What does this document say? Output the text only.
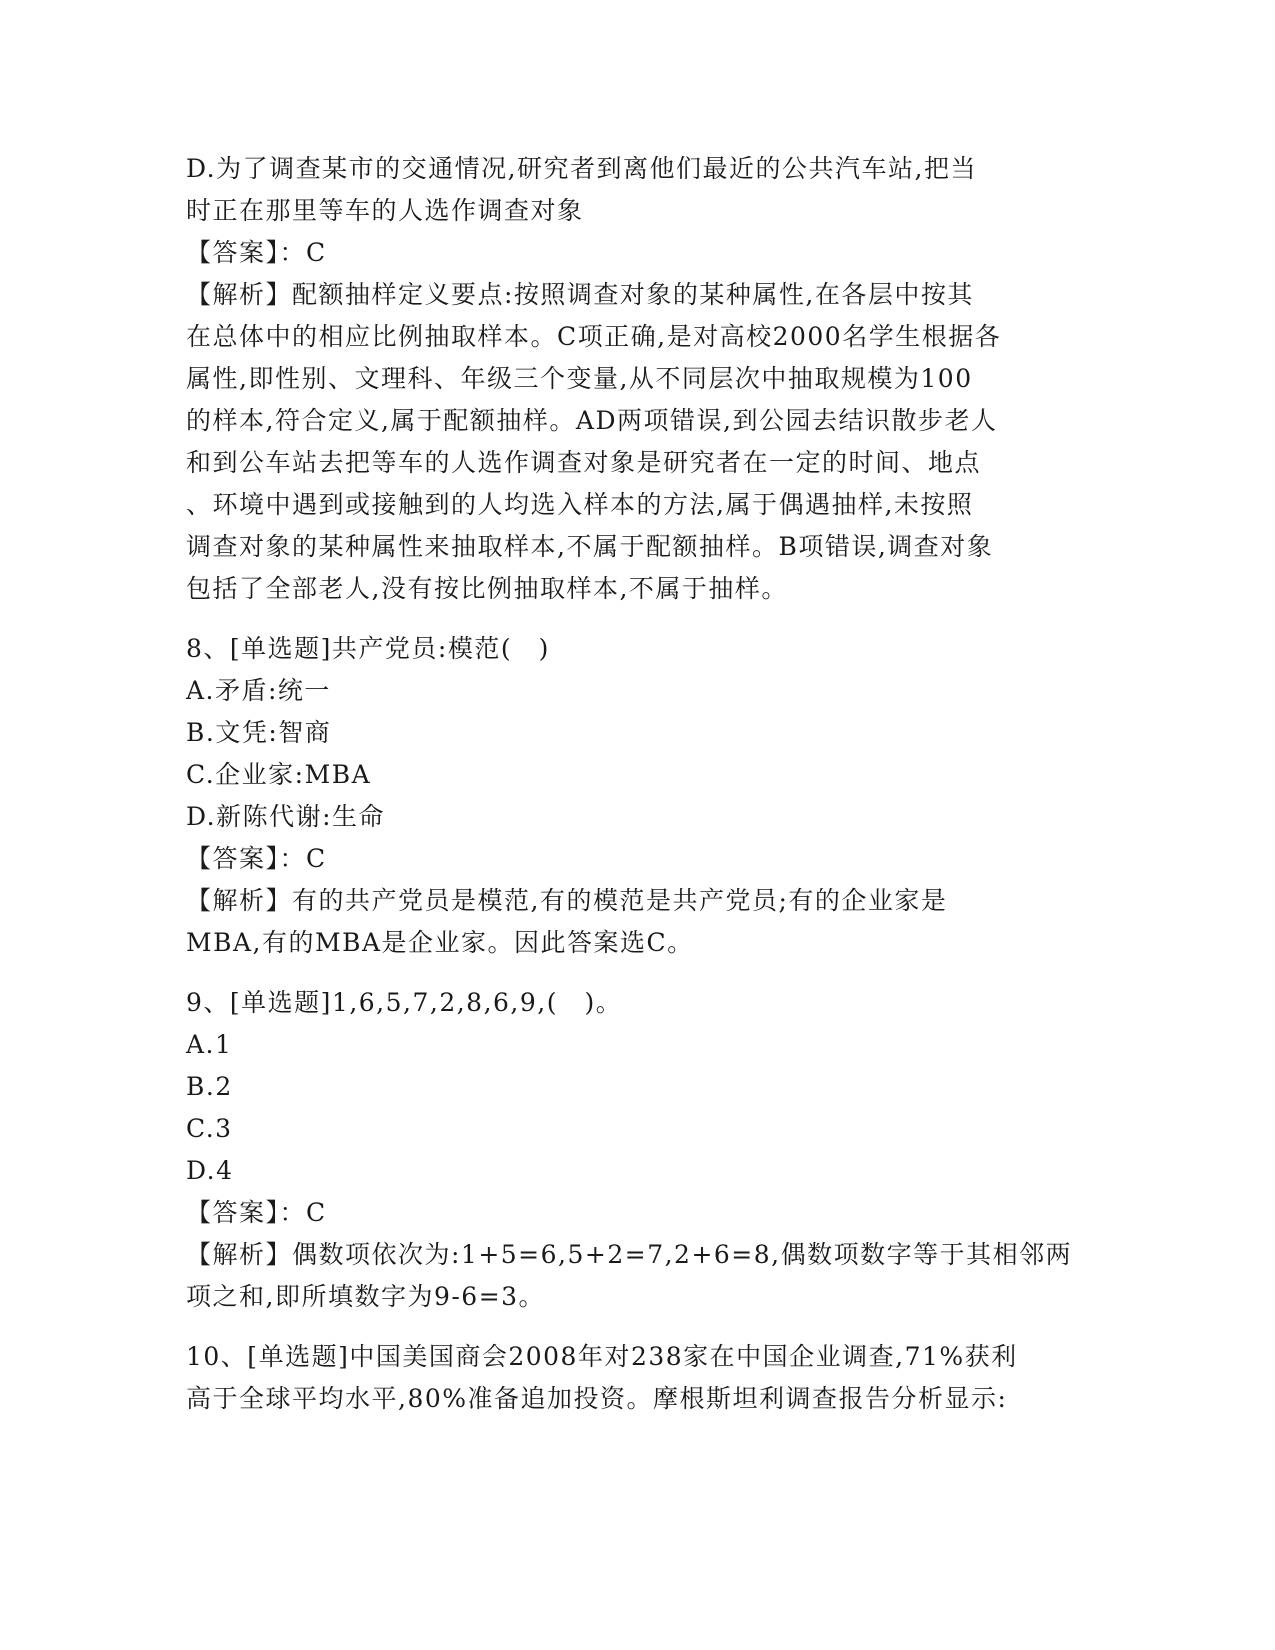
D.为了调查某市的交通情况,研究者到离他们最近的公共汽车站,把当
时正在那里等车的人选作调查对象
【答案】：C
【解析】配额抽样定义要点:按照调查对象的某种属性,在各层中按其
在总体中的相应比例抽取样本。C项正确,是对高校2000名学生根据各
属性,即性别、文理科、年级三个变量,从不同层次中抽取规模为100
的样本,符合定义,属于配额抽样。AD两项错误,到公园去结识散步老人
和到公车站去把等车的人选作调查对象是研究者在一定的时间、地点
、环境中遇到或接触到的人均选入样本的方法,属于偶遇抽样,未按照
调查对象的某种属性来抽取样本,不属于配额抽样。B项错误,调查对象
包括了全部老人,没有按比例抽取样本,不属于抽样。
8、[单选题]共产党员:模范(　)
A.矛盾:统一
B.文凭:智商
C.企业家:MBA
D.新陈代谢:生命
【答案】：C
【解析】有的共产党员是模范,有的模范是共产党员;有的企业家是
MBA,有的MBA是企业家。因此答案选C。
9、[单选题]1,6,5,7,2,8,6,9,(　)。
A.1
B.2
C.3
D.4
【答案】：C
【解析】偶数项依次为:1+5=6,5+2=7,2+6=8,偶数项数字等于其相邻两
项之和,即所填数字为9-6=3。
10、[单选题]中国美国商会2008年对238家在中国企业调查,71%获利
高于全球平均水平,80%准备追加投资。摩根斯坦利调查报告分析显示:
